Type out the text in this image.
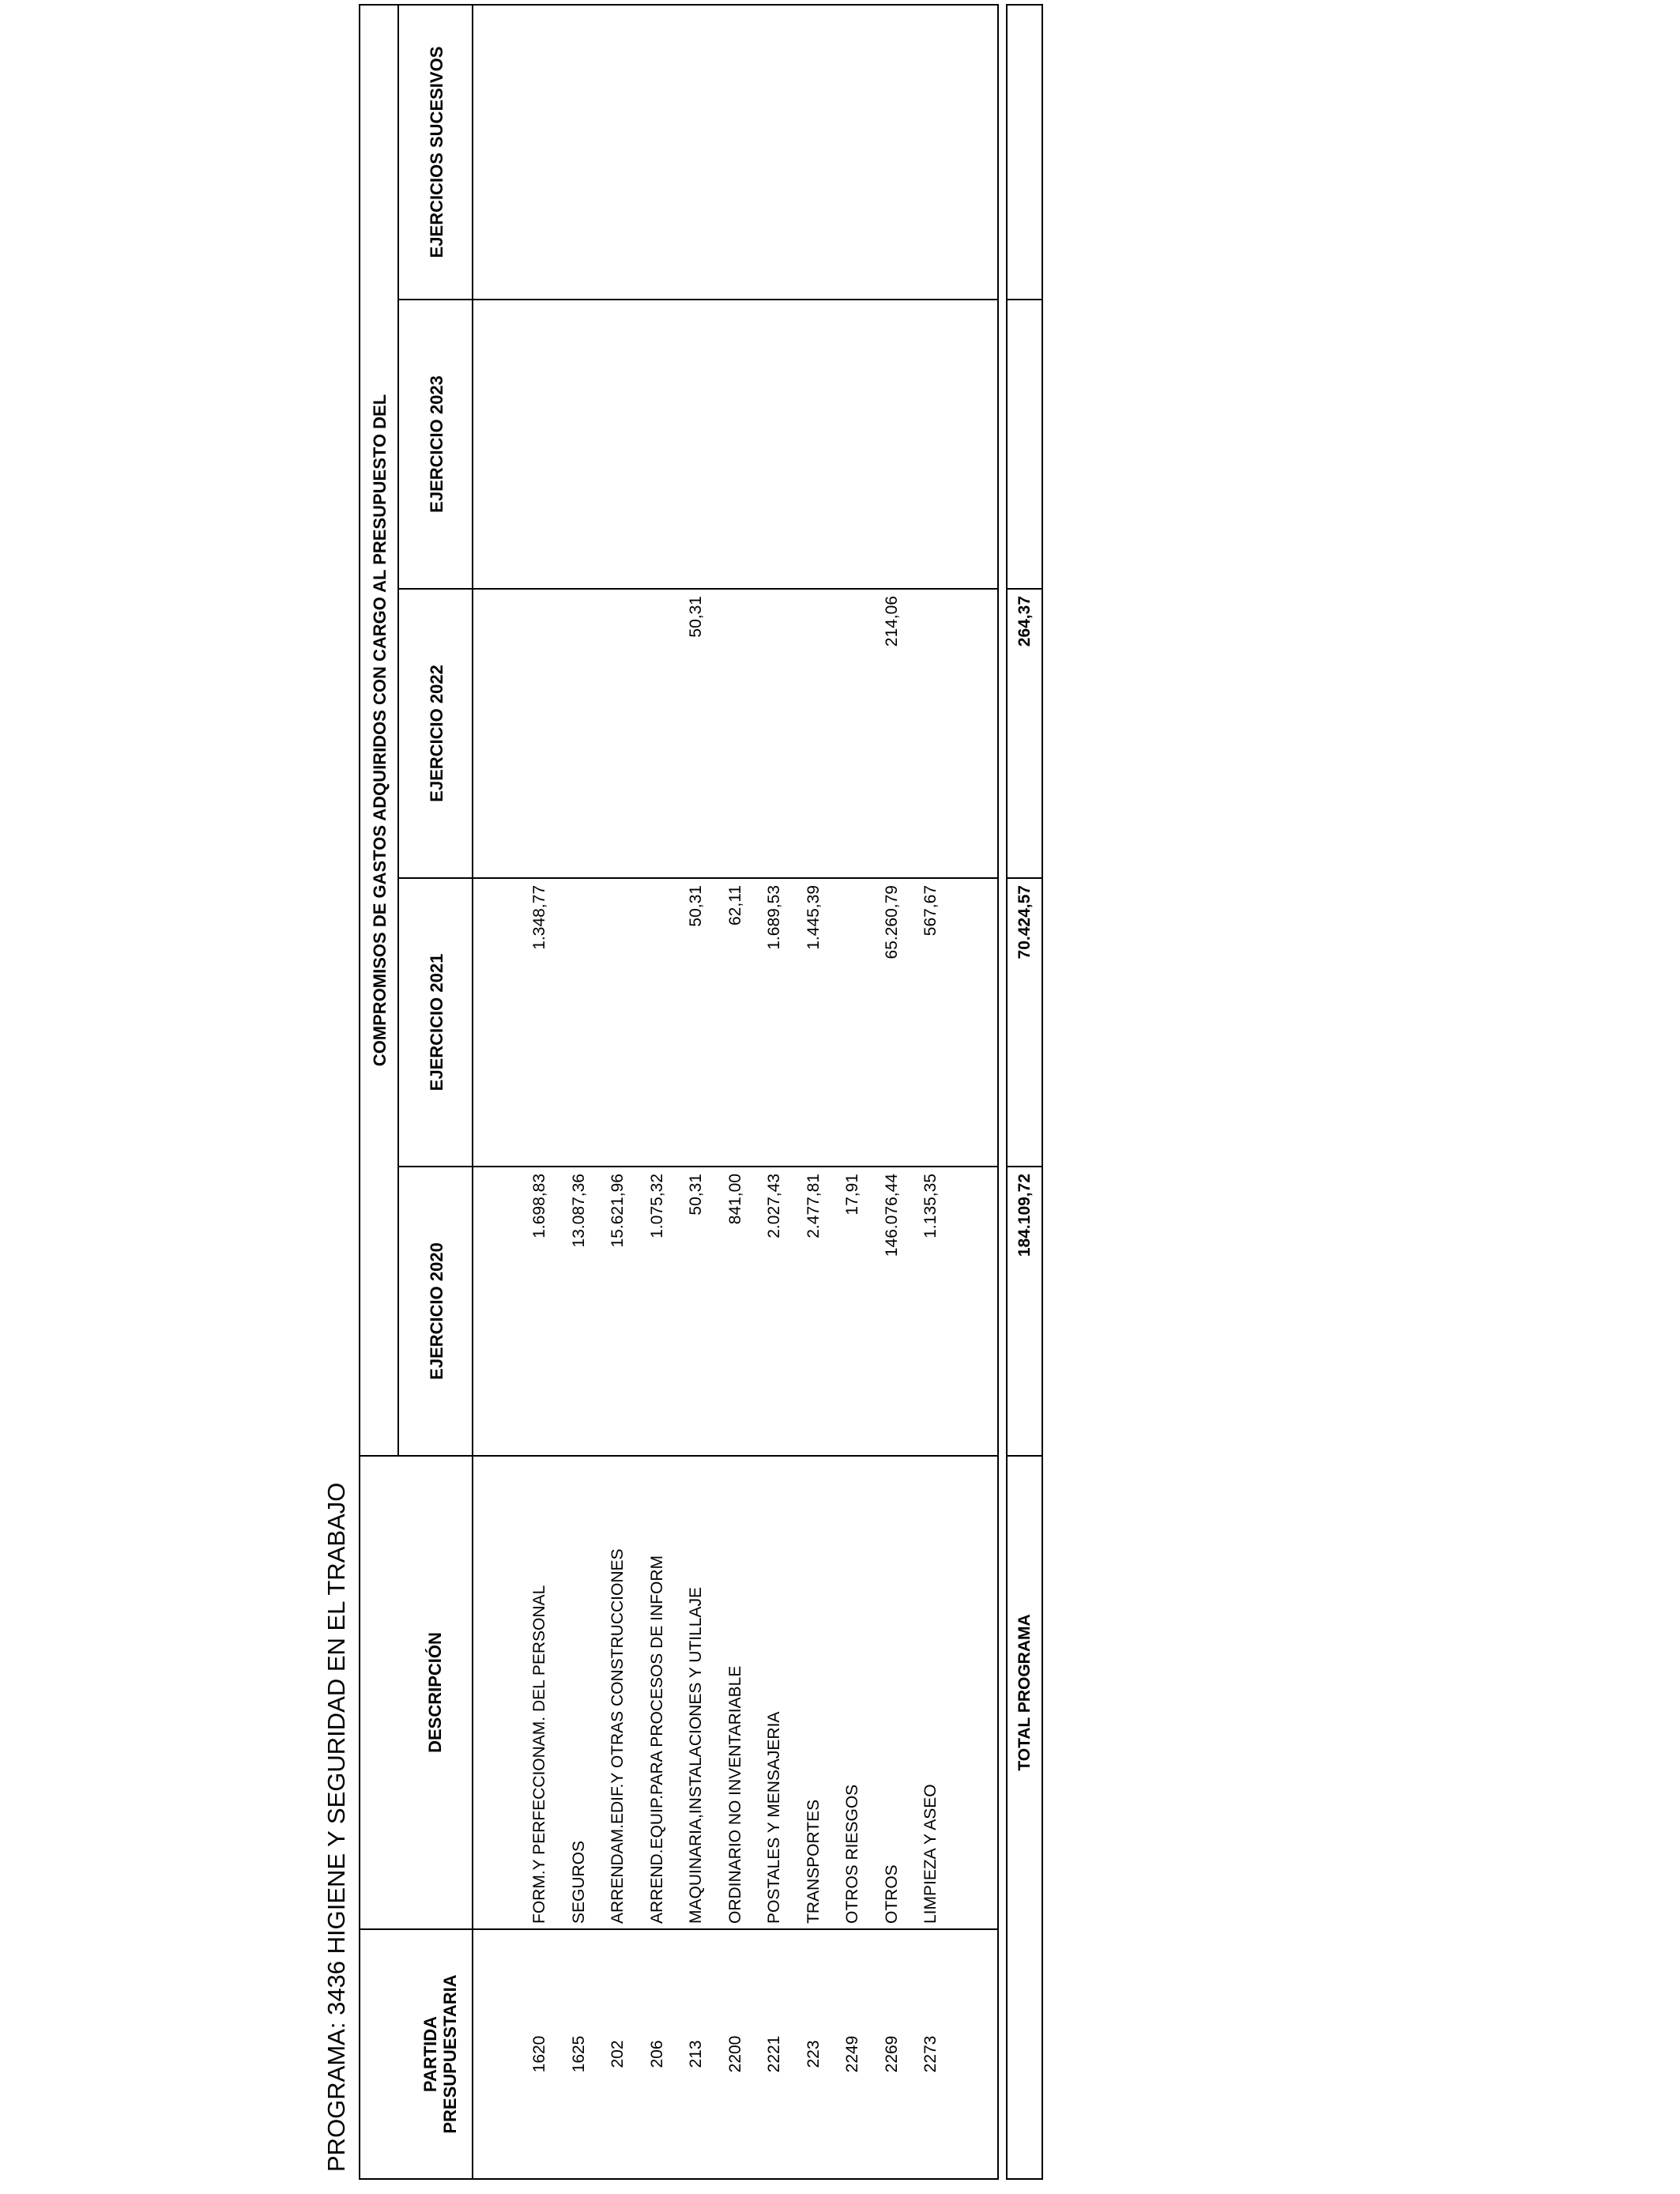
PROGRAMA: 3436 HIGIENE Y SEGURIDAD EN EL TRABAJO	PARTIDA
PRESUPUESTARIA
DESCRIPCIÓN
COMPROMISOS DE GASTOS ADQUIRIDOS CON CARGO AL PRESUPUESTO DEL
EJERCICIO 2020
EJERCICIO 2021
EJERCICIO 2022
EJERCICIO 2023
EJERCICIOS SUCESIVOS
1620
FORM.Y PERFECCIONAM. DEL PERSONAL
1.698,83
1.348,77
1625
SEGUROS
13.087,36
202
ARRENDAM.EDIF.Y OTRAS CONSTRUCCIONES
15.621,96
206
ARREND.EQUIP.PARA PROCESOS DE INFORM
1.075,32
213
MAQUINARIA,INSTALACIONES Y UTILLAJE
50,31
50,31
50,31
2200
ORDINARIO NO INVENTARIABLE
841,00
62,11
2221
POSTALES Y MENSAJERIA
2.027,43
1.689,53
223
TRANSPORTES
2.477,81
1.445,39
2249
OTROS RIESGOS
17,91
2269
OTROS
146.076,44
65.260,79
214,06
2273
LIMPIEZA Y ASEO
1.135,35
567,67
TOTAL PROGRAMA
184.109,72
70.424,57
264,37
